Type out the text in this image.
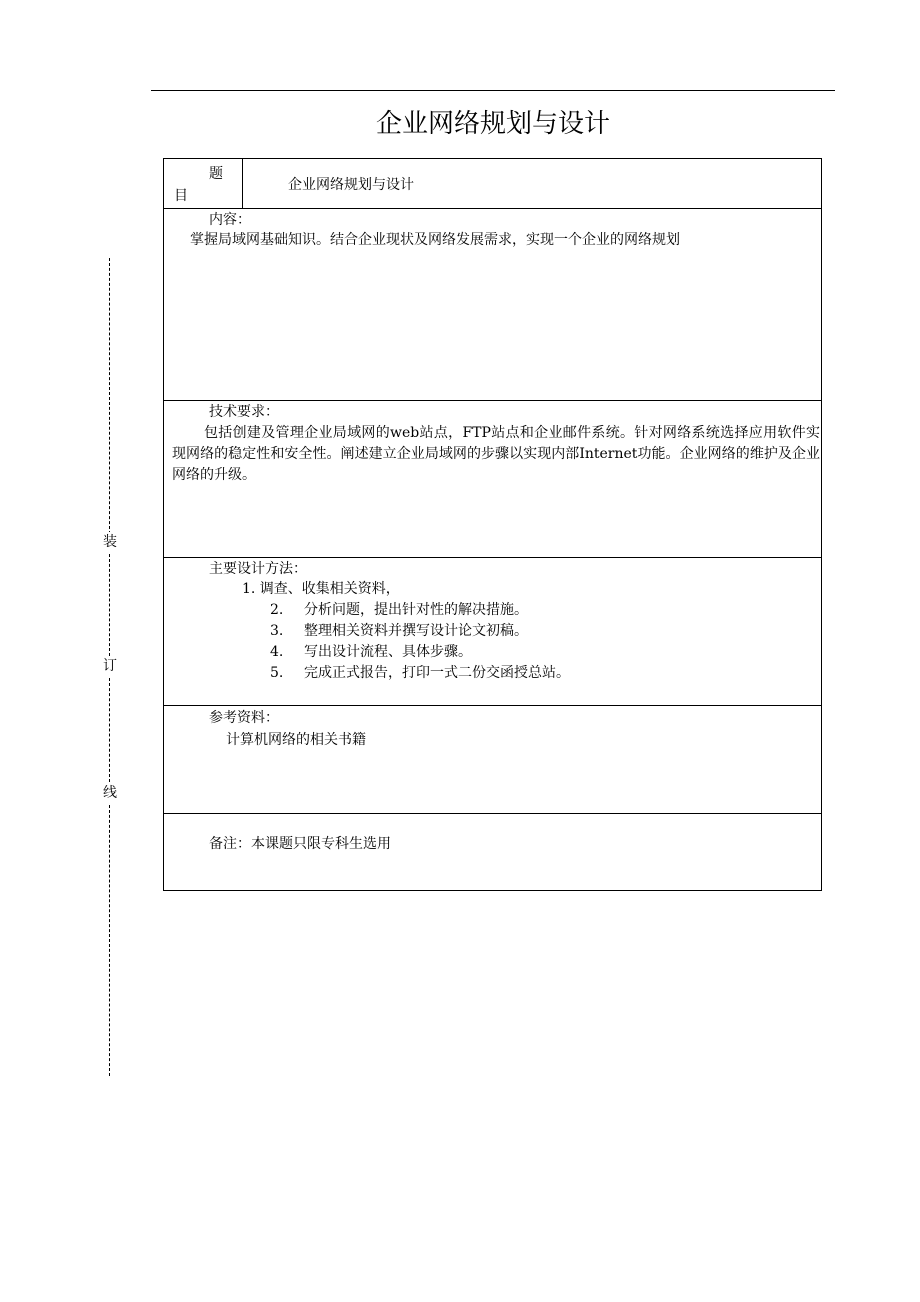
企业网络规划与设计
装
订
线
题
目
企业网络规划与设计
内容：
掌握局域网基础知识。结合企业现状及网络发展需求，实现一个企业的网络规划
技术要求：
包括创建及管理企业局域网的web站点，FTP站点和企业邮件系统。针对网络系统选择应用软件实现网络的稳定性和安全性。阐述建立企业局域网的步骤以实现内部Internet功能。企业网络的维护及企业网络的升级。
主要设计方法：
1. 调查、收集相关资料，
2. 分析问题，提出针对性的解决措施。
3. 整理相关资料并撰写设计论文初稿。
4. 写出设计流程、具体步骤。
5. 完成正式报告，打印一式二份交函授总站。
参考资料：
计算机网络的相关书籍
备注：本课题只限专科生选用
